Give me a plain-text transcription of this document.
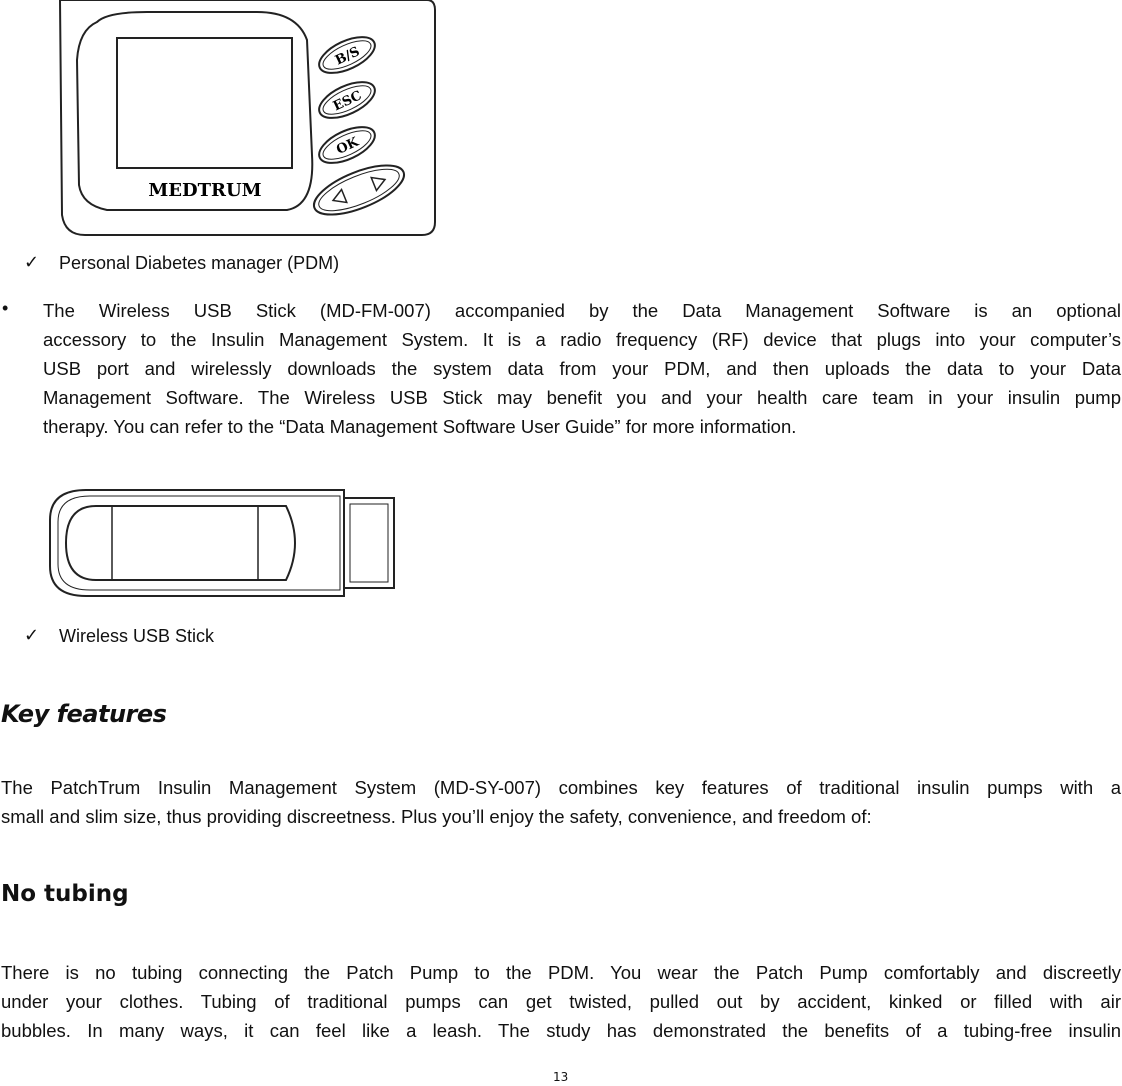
B/S
ESC
OK
MEDTRUM
✓ Personal Diabetes manager (PDM)
• The Wireless USB Stick (MD-FM-007) accompanied by the Data Management Software is an optional
accessory to the Insulin Management System. It is a radio frequency (RF) device that plugs into your computer’s
USB port and wirelessly downloads the system data from your PDM, and then uploads the data to your Data
Management Software. The Wireless USB Stick may benefit you and your health care team in your insulin pump
therapy. You can refer to the “Data Management Software User Guide” for more information.
✓ Wireless USB Stick
Key features
The PatchTrum Insulin Management System (MD-SY-007) combines key features of traditional insulin pumps with a
small and slim size, thus providing discreetness. Plus you’ll enjoy the safety, convenience, and freedom of:
No tubing
There is no tubing connecting the Patch Pump to the PDM. You wear the Patch Pump comfortably and discreetly
under your clothes. Tubing of traditional pumps can get twisted, pulled out by accident, kinked or filled with air
bubbles. In many ways, it can feel like a leash. The study has demonstrated the benefits of a tubing-free insulin
13
